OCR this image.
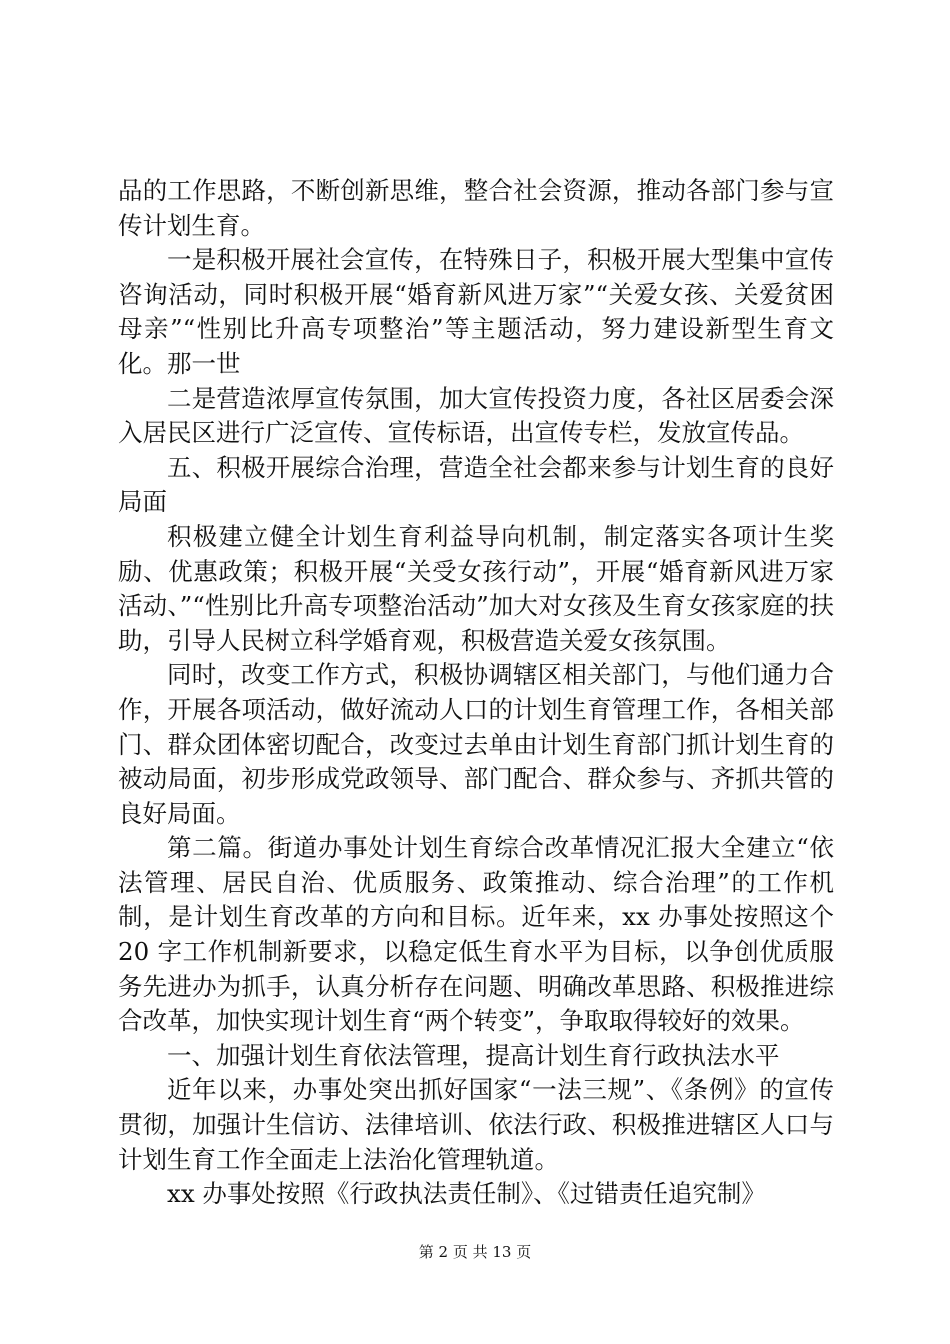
品的工作思路，不断创新思维，整合社会资源，推动各部门参与宣传计划生育。

一是积极开展社会宣传，在特殊日子，积极开展大型集中宣传咨询活动，同时积极开展“婚育新风进万家”“关爱女孩、关爱贫困母亲”“性别比升高专项整治”等主题活动，努力建设新型生育文化。那一世

二是营造浓厚宣传氛围，加大宣传投资力度，各社区居委会深入居民区进行广泛宣传、宣传标语，出宣传专栏，发放宣传品。

五、积极开展综合治理，营造全社会都来参与计划生育的良好局面

积极建立健全计划生育利益导向机制，制定落实各项计生奖励、优惠政策；积极开展“关受女孩行动”，开展“婚育新风进万家活动、”“性别比升高专项整治活动”加大对女孩及生育女孩家庭的扶助，引导人民树立科学婚育观，积极营造关爱女孩氛围。

同时，改变工作方式，积极协调辖区相关部门，与他们通力合作，开展各项活动，做好流动人口的计划生育管理工作，各相关部门、群众团体密切配合，改变过去单由计划生育部门抓计划生育的被动局面，初步形成党政领导、部门配合、群众参与、齐抓共管的良好局面。

第二篇。街道办事处计划生育综合改革情况汇报大全建立“依法管理、居民自治、优质服务、政策推动、综合治理”的工作机制，是计划生育改革的方向和目标。近年来，xx 办事处按照这个 20 字工作机制新要求，以稳定低生育水平为目标，以争创优质服务先进办为抓手，认真分析存在问题、明确改革思路、积极推进综合改革，加快实现计划生育“两个转变”，争取取得较好的效果。

一、加强计划生育依法管理，提高计划生育行政执法水平

近年以来，办事处突出抓好国家“一法三规”、《条例》的宣传贯彻，加强计生信访、法律培训、依法行政、积极推进辖区人口与计划生育工作全面走上法治化管理轨道。

xx 办事处按照《行政执法责任制》、《过错责任追究制》

第 2 页 共 13 页
